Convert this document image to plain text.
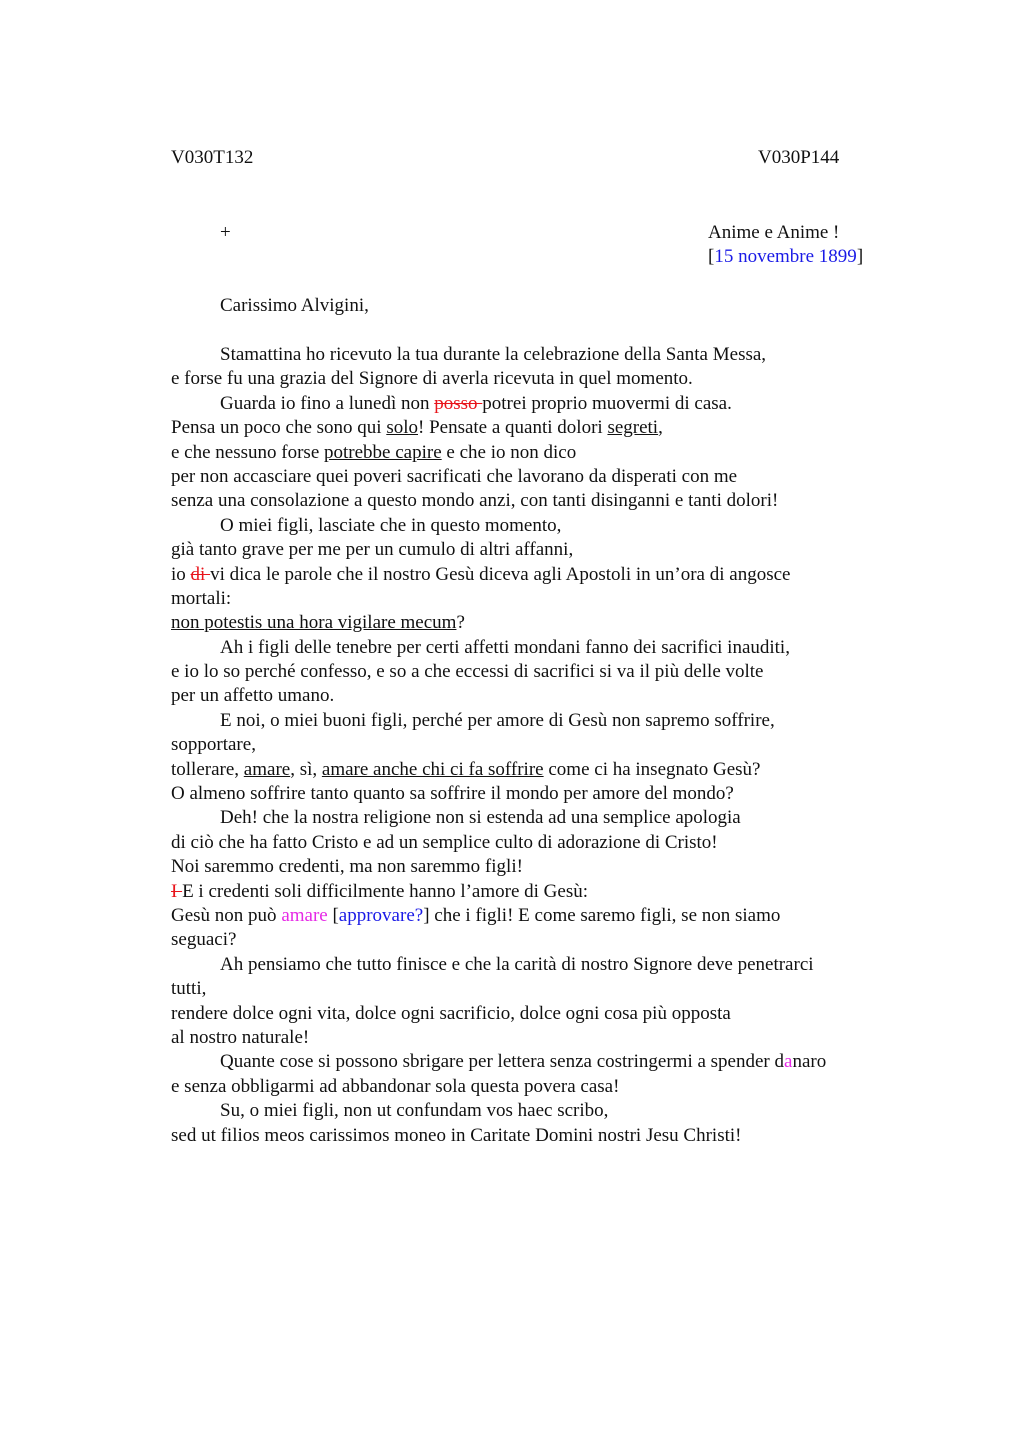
V030T132	V030P144
+	Anime e Anime !
[15 novembre 1899]
Carissimo Alvigini,
Stamattina ho ricevuto la tua durante la celebrazione della Santa Messa,
e forse fu una grazia del Signore di averla ricevuta in quel momento.
Guarda io fino a lunedì non posso potrei proprio muovermi di casa.
Pensa un poco che sono qui solo! Pensate a quanti dolori segreti,
e che nessuno forse potrebbe capire e che io non dico
per non accasciare quei poveri sacrificati che lavorano da disperati con me
senza una consolazione a questo mondo anzi, con tanti disinganni e tanti dolori!
O miei figli, lasciate che in questo momento,
già tanto grave per me per un cumulo di altri affanni,
io di vi dica le parole che il nostro Gesù diceva agli Apostoli in un’ora di angosce
mortali:
non potestis una hora vigilare mecum?
Ah i figli delle tenebre per certi affetti mondani fanno dei sacrifici inauditi,
e io lo so perché confesso, e so a che eccessi di sacrifici si va il più delle volte
per un affetto umano.
E noi, o miei buoni figli, perché per amore di Gesù non sapremo soffrire,
sopportare,
tollerare, amare, sì, amare anche chi ci fa soffrire come ci ha insegnato Gesù?
O almeno soffrire tanto quanto sa soffrire il mondo per amore del mondo?
Deh! che la nostra religione non si estenda ad una semplice apologia
di ciò che ha fatto Cristo e ad un semplice culto di adorazione di Cristo!
Noi saremmo credenti, ma non saremmo figli!
I E i credenti soli difficilmente hanno l’amore di Gesù:
Gesù non può amare [approvare?] che i figli! E come saremo figli, se non siamo
seguaci?
Ah pensiamo che tutto finisce e che la carità di nostro Signore deve penetrarci
tutti,
rendere dolce ogni vita, dolce ogni sacrificio, dolce ogni cosa più opposta
al nostro naturale!
Quante cose si possono sbrigare per lettera senza costringermi a spender danaro
e senza obbligarmi ad abbandonar sola questa povera casa!
Su, o miei figli, non ut confundam vos haec scribo,
sed ut filios meos carissimos moneo in Caritate Domini nostri Jesu Christi!
